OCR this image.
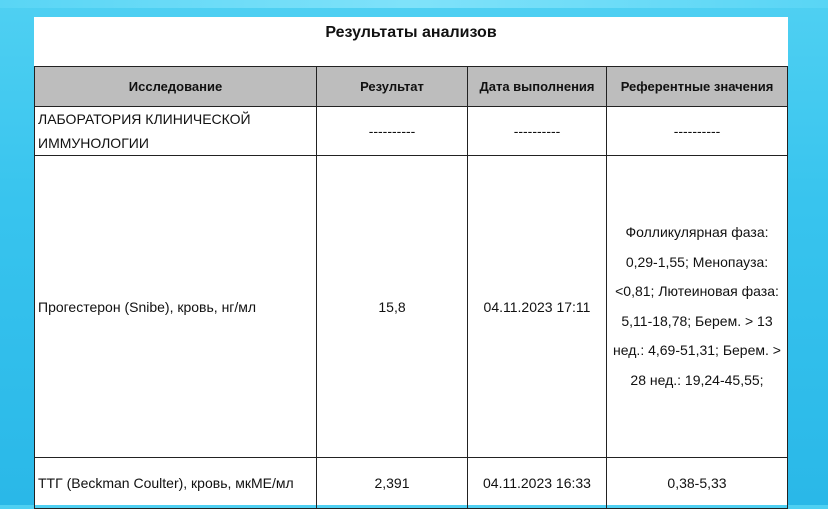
Результаты анализов
Исследование	Результат	Дата выполнения	Референтные значения
ЛАБОРАТОРИЯ КЛИНИЧЕСКОЙ ИММУНОЛОГИИ	----------	----------	----------
Прогестерон (Snibe), кровь, нг/мл	15,8	04.11.2023 17:11	Фолликулярная фаза: 0,29-1,55; Менопауза: <0,81; Лютеиновая фаза: 5,11-18,78; Берем. > 13 нед.: 4,69-51,31; Берем. > 28 нед.: 19,24-45,55;
ТТГ (Beckman Coulter), кровь, мкМЕ/мл	2,391	04.11.2023 16:33	0,38-5,33
